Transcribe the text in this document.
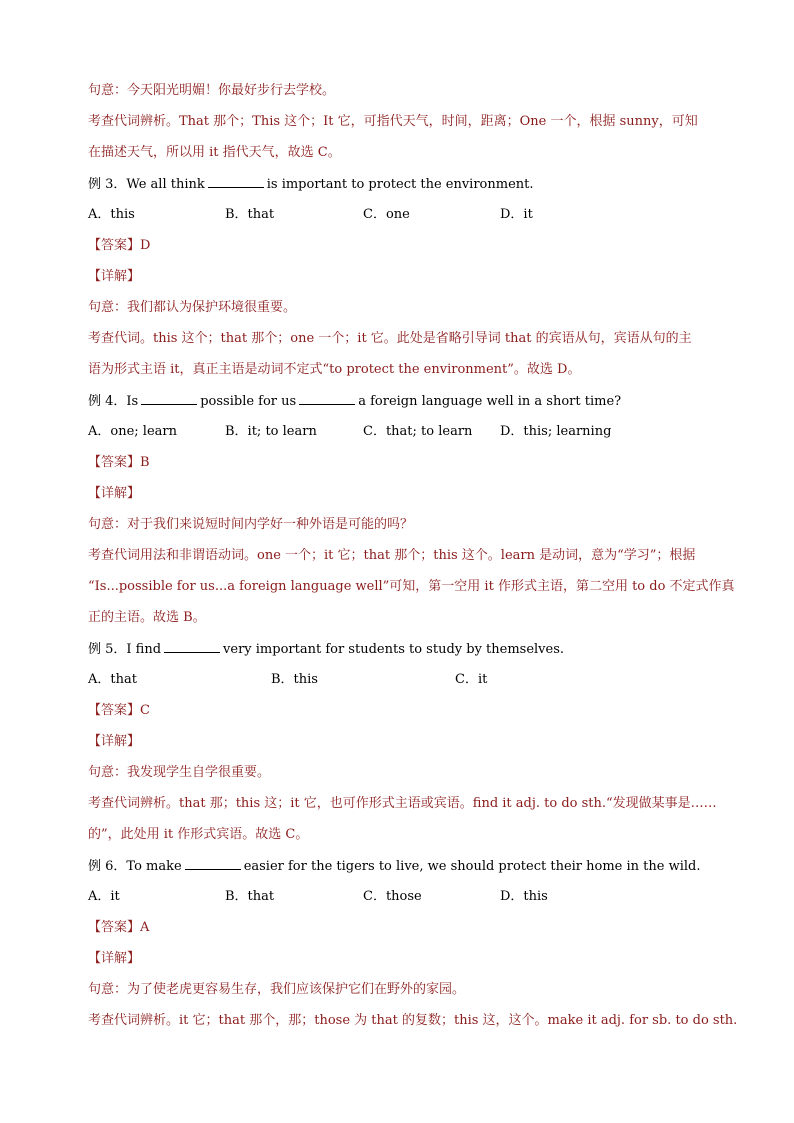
句意：今天阳光明媚！你最好步行去学校。
考查代词辨析。That 那个；This 这个；It 它，可指代天气，时间，距离；One 一个，根据 sunny，可知
在描述天气，所以用 it 指代天气，故选 C。
例 3．We all think	is important to protect the environment.
A．this	B．that	C．one	D．it
【答案】D
【详解】
句意：我们都认为保护环境很重要。
考查代词。this 这个；that 那个；one 一个；it 它。此处是省略引导词 that 的宾语从句，宾语从句的主
语为形式主语 it，真正主语是动词不定式“to protect the environment”。故选 D。
例 4．Is	possible for us	a foreign language well in a short time?
A．one; learn	B．it; to learn	C．that; to learn D．this; learning
【答案】B
【详解】
句意：对于我们来说短时间内学好一种外语是可能的吗？
考查代词用法和非谓语动词。one 一个；it 它；that 那个；this 这个。learn 是动词，意为“学习”；根据
“Is...possible for us...a foreign language well”可知，第一空用 it 作形式主语，第二空用 to do 不定式作真
正的主语。故选 B。
例 5．I find	very important for students to study by themselves.
A．that	B．this	C．it
【答案】C
【详解】
句意：我发现学生自学很重要。
考查代词辨析。that 那；this 这；it 它，也可作形式主语或宾语。find it adj. to do sth.“发现做某事是……
的”，此处用 it 作形式宾语。故选 C。
例 6．To make	easier for the tigers to live, we should protect their home in the wild.
A．it	B．that	C．those	D．this
【答案】A
【详解】
句意：为了使老虎更容易生存，我们应该保护它们在野外的家园。
考查代词辨析。it 它；that 那个，那；those 为 that 的复数；this 这，这个。make it adj. for sb. to do sth.
